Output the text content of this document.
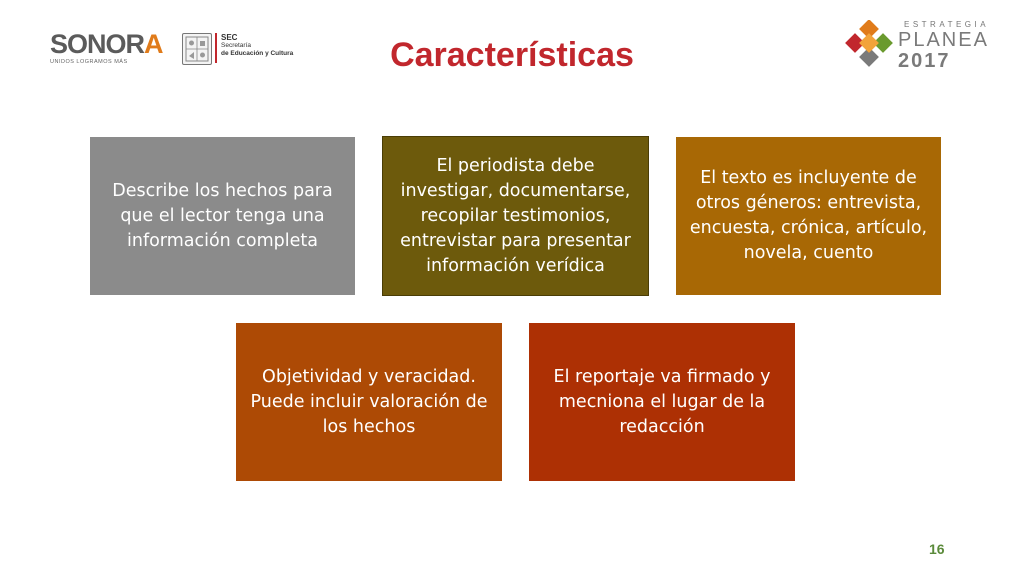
SONORA
UNIDOS LOGRAMOS MÁS
SEC
Secretaría
de Educación y Cultura	Características
ESTRATEGIA
PLANEA
2017
Describe los hechos para que el lector tenga una información completa
El periodista debe investigar, documentarse, recopilar testimonios, entrevistar para presentar información verídica
El texto es incluyente de otros géneros: entrevista, encuesta, crónica, artículo, novela, cuento
Objetividad y veracidad. Puede incluir valoración de los hechos
El reportaje va firmado y mecniona el lugar de la redacción
16
